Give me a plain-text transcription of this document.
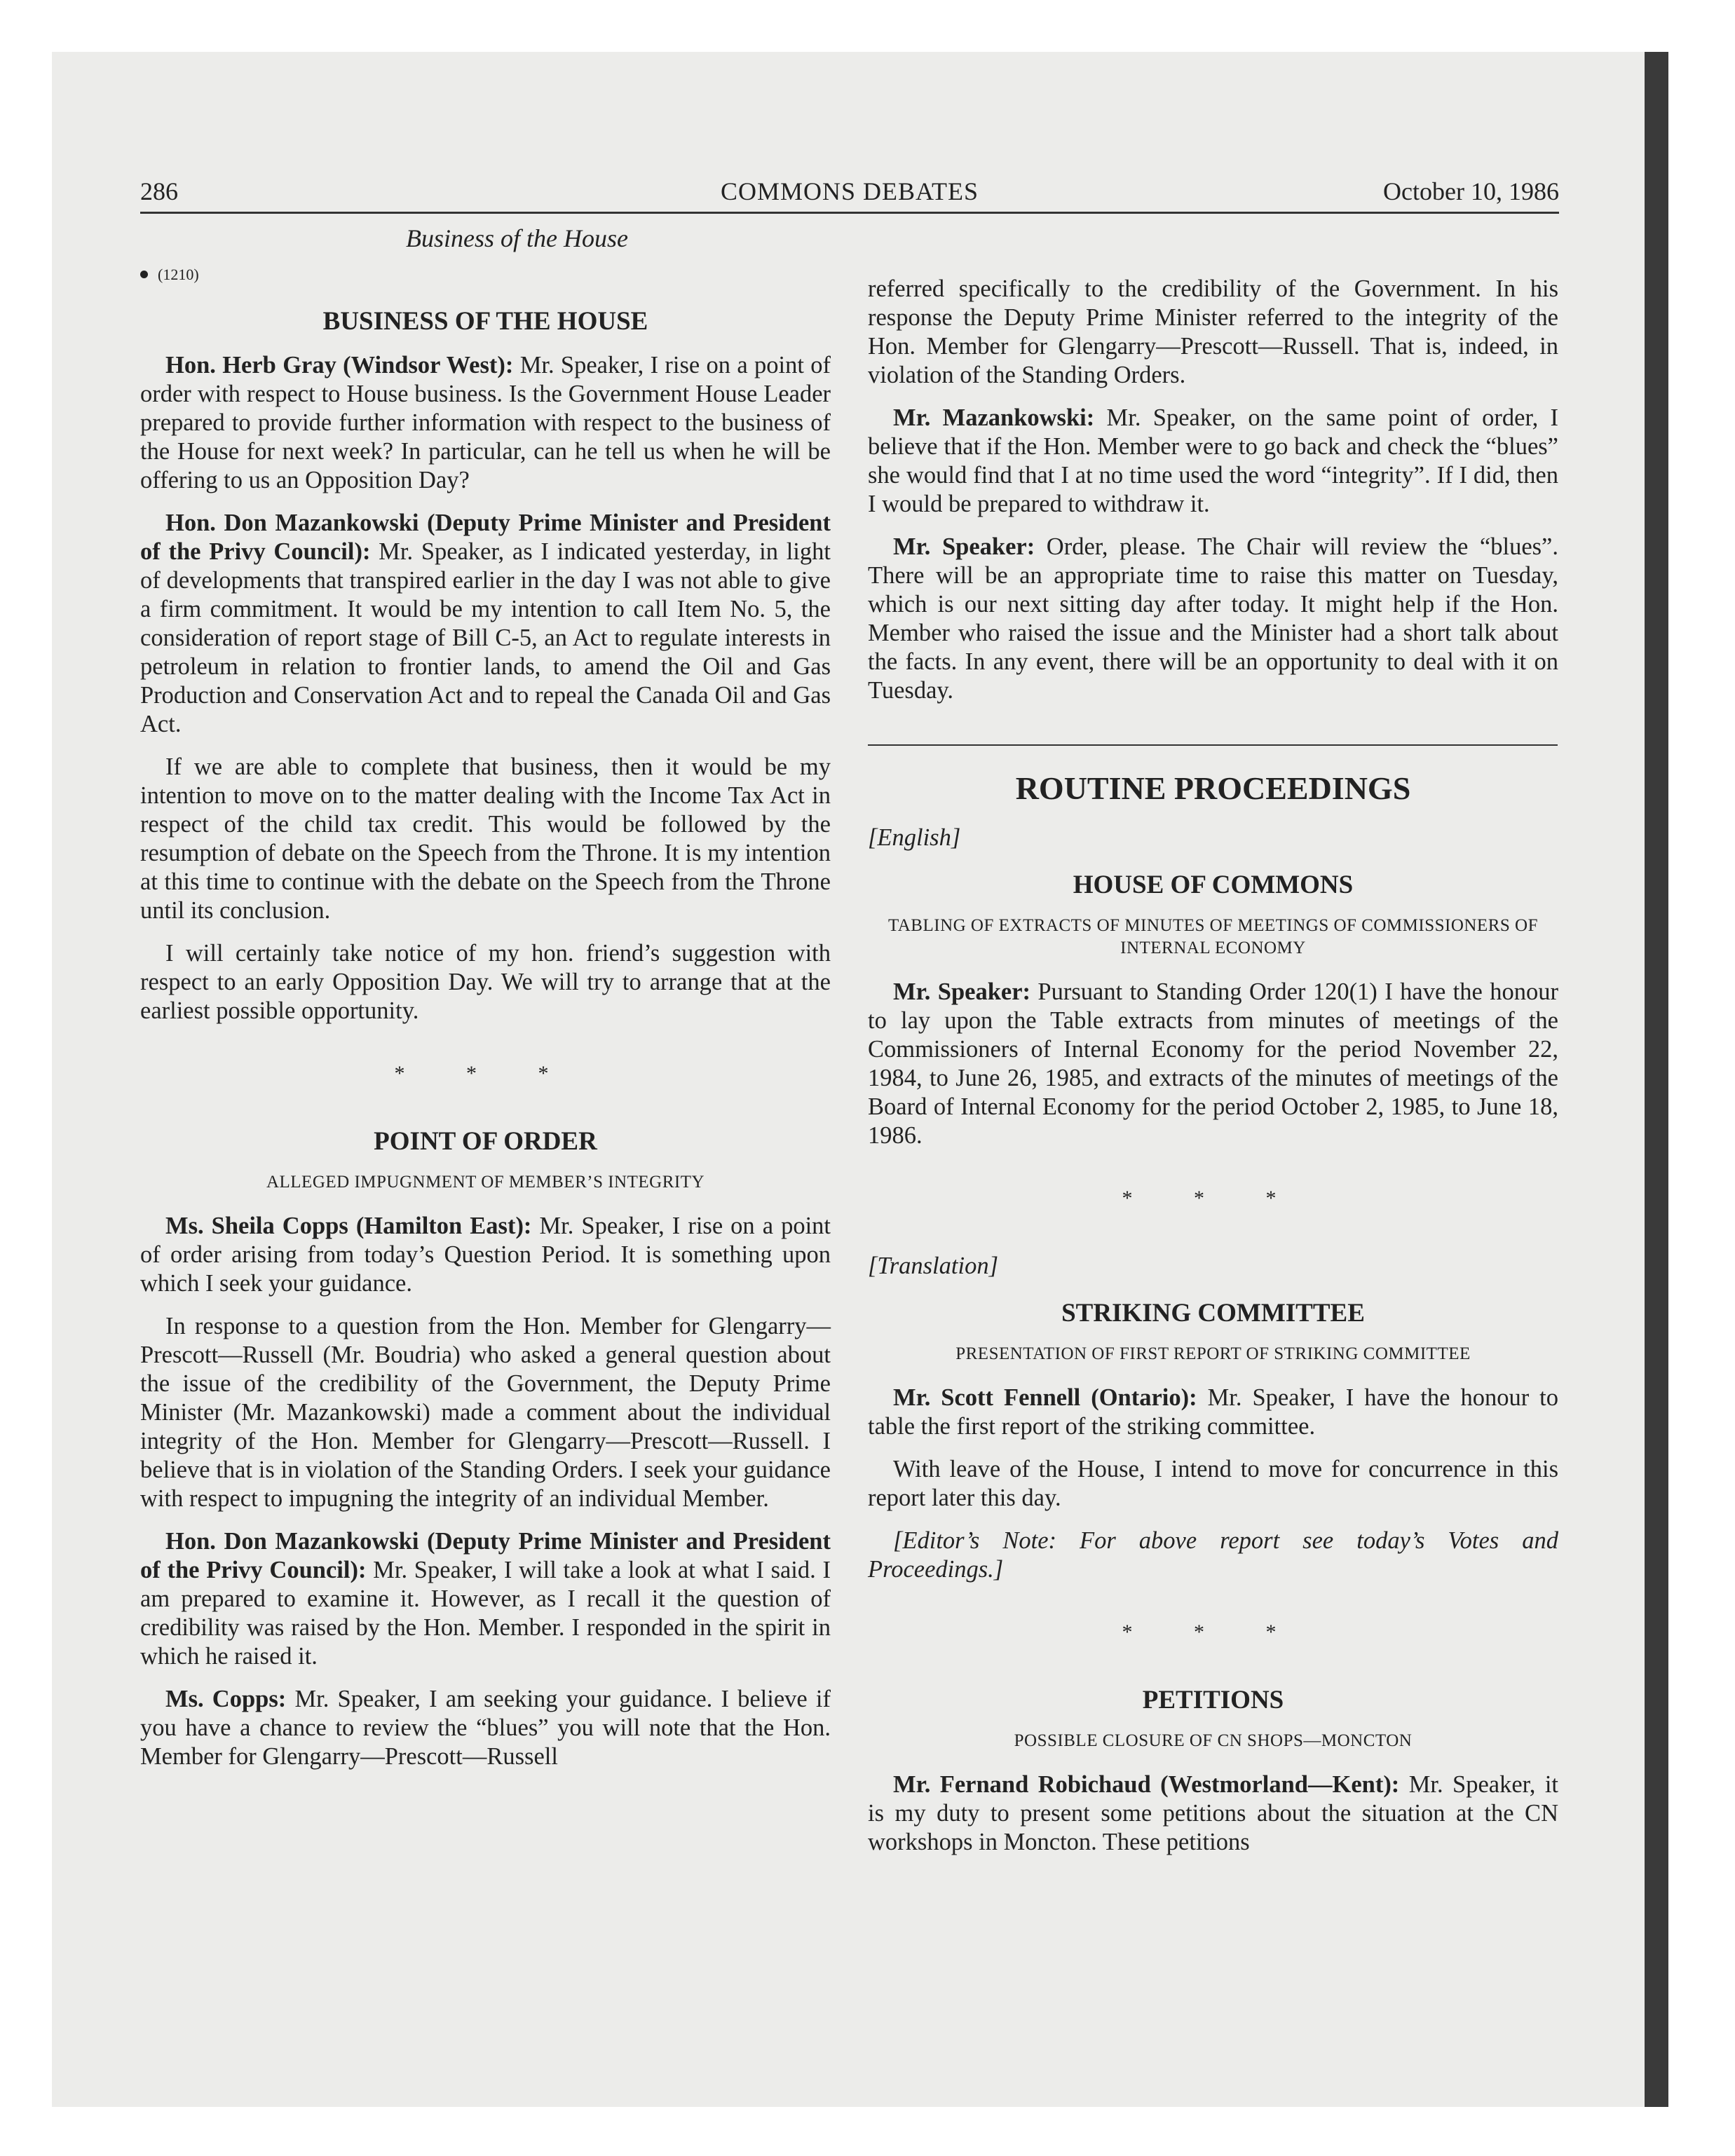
286	COMMONS DEBATES	October 10, 1986
Business of the House
(1210)
BUSINESS OF THE HOUSE

Hon. Herb Gray (Windsor West): Mr. Speaker, I rise on a point of order with respect to House business. Is the Government House Leader prepared to provide further information with respect to the business of the House for next week? In particular, can he tell us when he will be offering to us an Opposition Day?

Hon. Don Mazankowski (Deputy Prime Minister and President of the Privy Council): Mr. Speaker, as I indicated yesterday, in light of developments that transpired earlier in the day I was not able to give a firm commitment. It would be my intention to call Item No. 5, the consideration of report stage of Bill C-5, an Act to regulate interests in petroleum in relation to frontier lands, to amend the Oil and Gas Production and Conservation Act and to repeal the Canada Oil and Gas Act.

If we are able to complete that business, then it would be my intention to move on to the matter dealing with the Income Tax Act in respect of the child tax credit. This would be followed by the resumption of debate on the Speech from the Throne. It is my intention at this time to continue with the debate on the Speech from the Throne until its conclusion.

I will certainly take notice of my hon. friend’s suggestion with respect to an early Opposition Day. We will try to arrange that at the earliest possible opportunity.

* * *
POINT OF ORDER
ALLEGED IMPUGNMENT OF MEMBER’S INTEGRITY

Ms. Sheila Copps (Hamilton East): Mr. Speaker, I rise on a point of order arising from today’s Question Period. It is something upon which I seek your guidance.

In response to a question from the Hon. Member for Glengarry—Prescott—Russell (Mr. Boudria) who asked a general question about the issue of the credibility of the Government, the Deputy Prime Minister (Mr. Mazankowski) made a comment about the individual integrity of the Hon. Member for Glengarry—Prescott—Russell. I believe that is in violation of the Standing Orders. I seek your guidance with respect to impugning the integrity of an individual Member.

Hon. Don Mazankowski (Deputy Prime Minister and President of the Privy Council): Mr. Speaker, I will take a look at what I said. I am prepared to examine it. However, as I recall it the question of credibility was raised by the Hon. Member. I responded in the spirit in which he raised it.

Ms. Copps: Mr. Speaker, I am seeking your guidance. I believe if you have a chance to review the “blues” you will note that the Hon. Member for Glengarry—Prescott—Russell

referred specifically to the credibility of the Government. In his response the Deputy Prime Minister referred to the integrity of the Hon. Member for Glengarry—Prescott—Russell. That is, indeed, in violation of the Standing Orders.

Mr. Mazankowski: Mr. Speaker, on the same point of order, I believe that if the Hon. Member were to go back and check the “blues” she would find that I at no time used the word “integrity”. If I did, then I would be prepared to withdraw it.

Mr. Speaker: Order, please. The Chair will review the “blues”. There will be an appropriate time to raise this matter on Tuesday, which is our next sitting day after today. It might help if the Hon. Member who raised the issue and the Minister had a short talk about the facts. In any event, there will be an opportunity to deal with it on Tuesday.

ROUTINE PROCEEDINGS
[English]
HOUSE OF COMMONS
TABLING OF EXTRACTS OF MINUTES OF MEETINGS OF COMMISSIONERS OF INTERNAL ECONOMY

Mr. Speaker: Pursuant to Standing Order 120(1) I have the honour to lay upon the Table extracts from minutes of meetings of the Commissioners of Internal Economy for the period November 22, 1984, to June 26, 1985, and extracts of the minutes of meetings of the Board of Internal Economy for the period October 2, 1985, to June 18, 1986.

* * *
[Translation]
STRIKING COMMITTEE
PRESENTATION OF FIRST REPORT OF STRIKING COMMITTEE

Mr. Scott Fennell (Ontario): Mr. Speaker, I have the honour to table the first report of the striking committee.

With leave of the House, I intend to move for concurrence in this report later this day.

[Editor’s Note: For above report see today’s Votes and Proceedings.]

* * *
PETITIONS
POSSIBLE CLOSURE OF CN SHOPS—MONCTON

Mr. Fernand Robichaud (Westmorland—Kent): Mr. Speaker, it is my duty to present some petitions about the situation at the CN workshops in Moncton. These petitions
